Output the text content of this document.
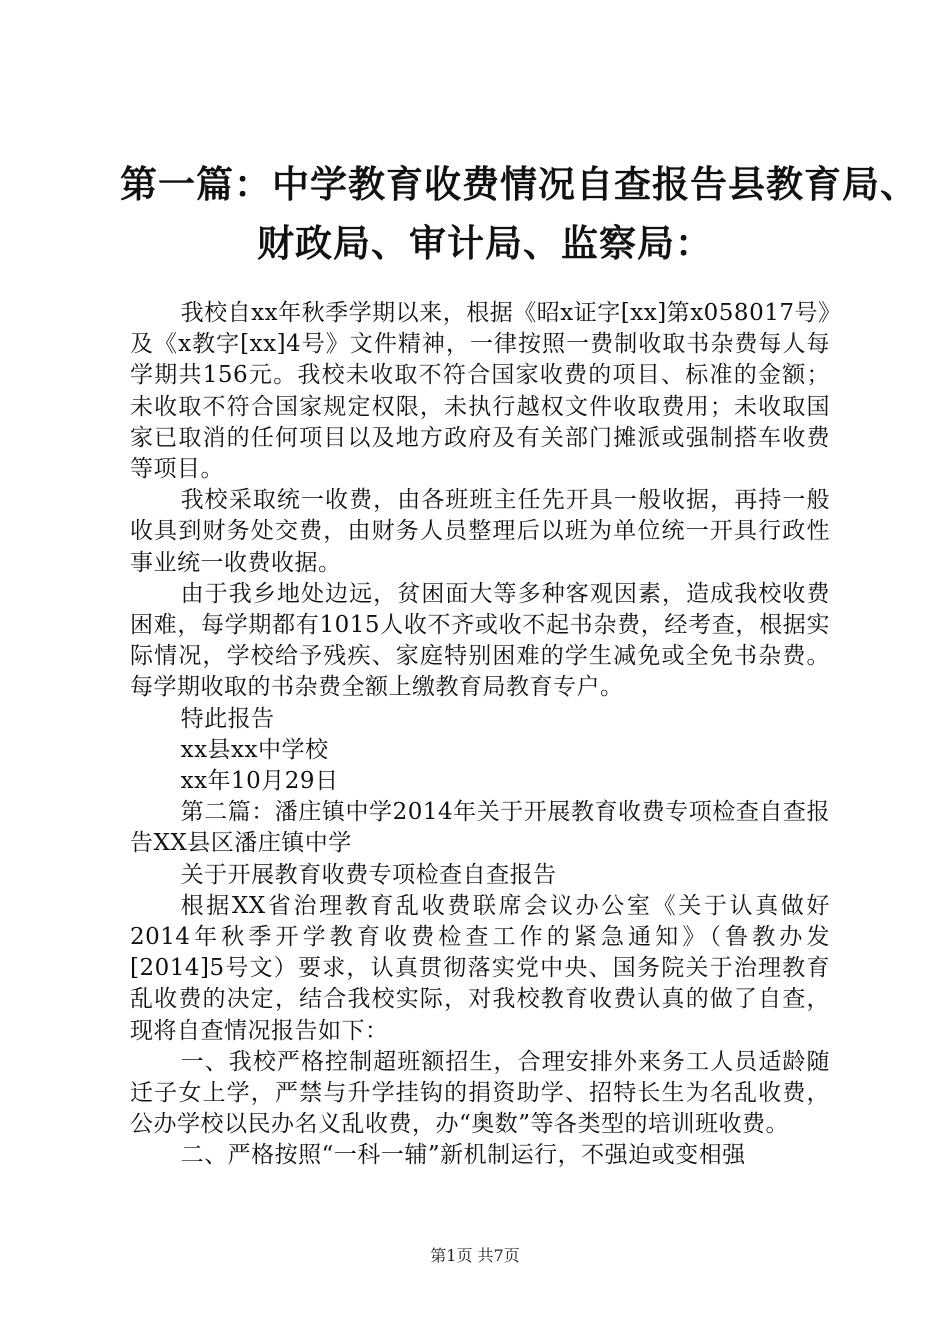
第一篇：中学教育收费情况自查报告县教育局、
财政局、审计局、监察局：

我校自xx年秋季学期以来，根据《昭x证字[xx]第x058017号》及《x教字[xx]4号》文件精神，一律按照一费制收取书杂费每人每学期共156元。我校未收取不符合国家收费的项目、标准的金额；未收取不符合国家规定权限，未执行越权文件收取费用；未收取国家已取消的任何项目以及地方政府及有关部门摊派或强制搭车收费等项目。

我校采取统一收费，由各班班主任先开具一般收据，再持一般收具到财务处交费，由财务人员整理后以班为单位统一开具行政性事业统一收费收据。

由于我乡地处边远，贫困面大等多种客观因素，造成我校收费困难，每学期都有1015人收不齐或收不起书杂费，经考查，根据实际情况，学校给予残疾、家庭特别困难的学生减免或全免书杂费。每学期收取的书杂费全额上缴教育局教育专户。

特此报告

xx县xx中学校

xx年10月29日

第二篇：潘庄镇中学2014年关于开展教育收费专项检查自查报告XX县区潘庄镇中学

关于开展教育收费专项检查自查报告

根据XX省治理教育乱收费联席会议办公室《关于认真做好2014年秋季开学教育收费检查工作的紧急通知》（鲁教办发[2014]5号文）要求，认真贯彻落实党中央、国务院关于治理教育乱收费的决定，结合我校实际，对我校教育收费认真的做了自查，现将自查情况报告如下：

一、我校严格控制超班额招生，合理安排外来务工人员适龄随迁子女上学，严禁与升学挂钩的捐资助学、招特长生为名乱收费，公办学校以民办名义乱收费，办“奥数”等各类型的培训班收费。

二、严格按照“一科一辅”新机制运行，不强迫或变相强

第1页 共7页
